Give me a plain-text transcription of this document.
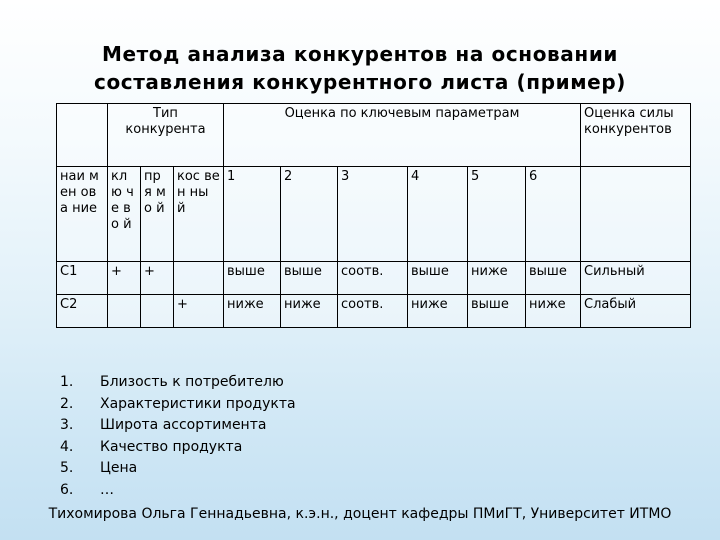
Метод анализа конкурентов на основании
составления конкурентного листа (пример)
	Тип конкурента			Оценка по ключевым параметрам						Оценка силы конкурентов
наи мен ова ние	кл ю че во й	пр я м о й	кос вен ны й	1	2	3	4	5	6	
С1	+	+		выше	выше	соотв.	выше	ниже	выше	Сильный
С2			+	ниже	ниже	соотв.	ниже	выше	ниже	Слабый
1.	Близость к потребителю
2.	Характеристики продукта
3.	Широта ассортимента
4.	Качество продукта
5.	Цена
6.	…
Тихомирова Ольга Геннадьевна, к.э.н., доцент кафедры ПМиГТ, Университет ИТМО
